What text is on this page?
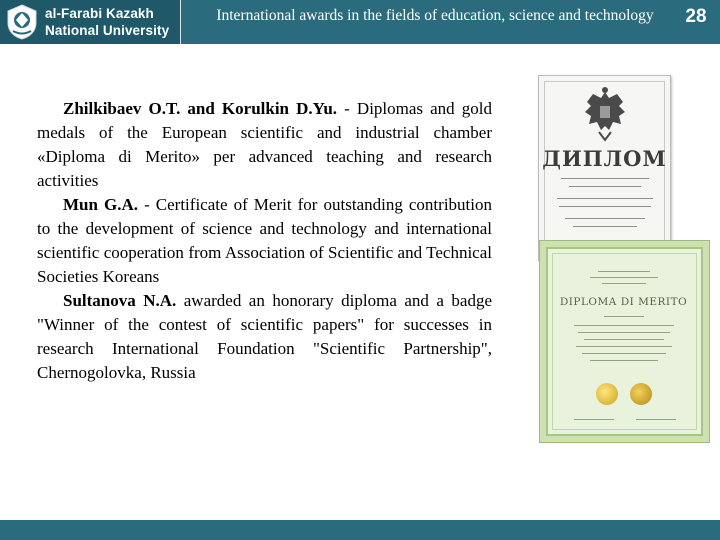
al-Farabi Kazakh
National University
International awards in the fields of education, science and technology	28

Zhilkibaev O.T. and Korulkin D.Yu. - Diplomas and gold medals of the European scientific and industrial chamber «Diploma di Merito» per advanced teaching and research activities

Mun G.A. - Certificate of Merit for outstanding contribution to the development of science and technology and international scientific cooperation from Association of Scientific and Technical Societies Koreans

Sultanova N.A. awarded an honorary diploma and a badge "Winner of the contest of scientific papers" for successes in research International Foundation "Scientific Partnership", Chernogolovka, Russia

ДИПЛОМ
DIPLOMA DI MERITO
